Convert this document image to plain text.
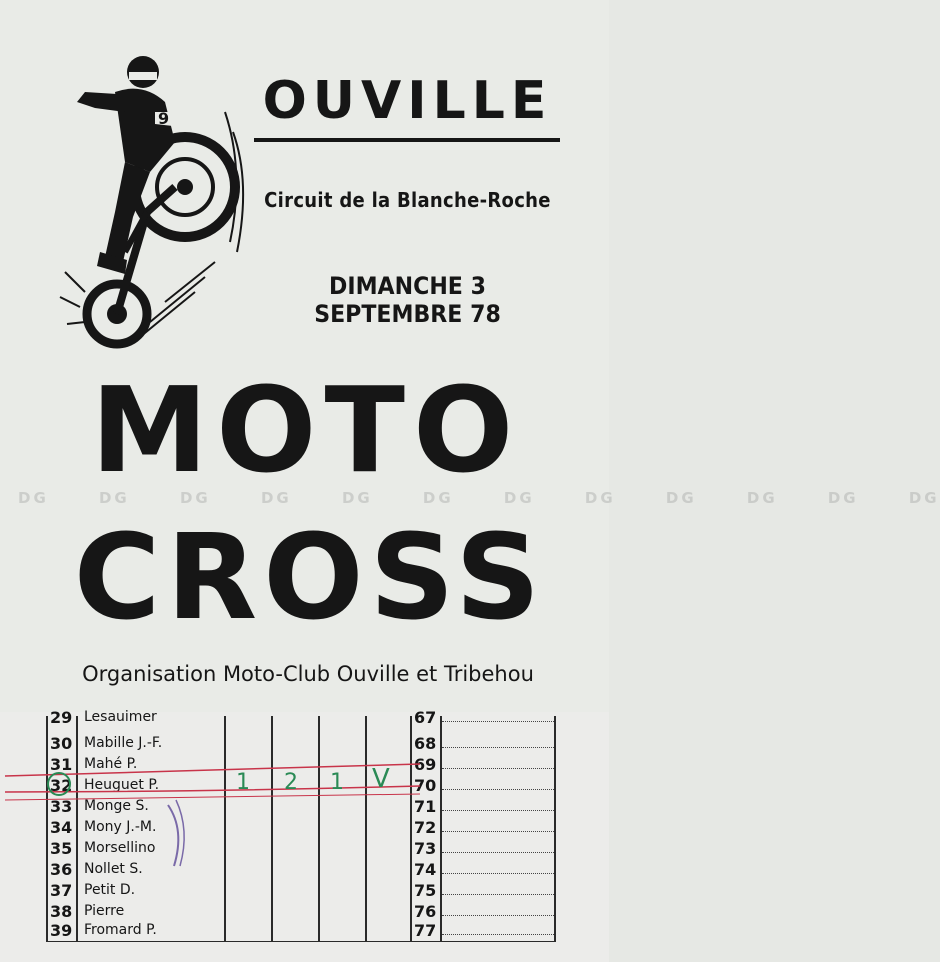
9 OUVILLE
Circuit de la Blanche-Roche
DIMANCHE 3 SEPTEMBRE 78
DG DG DG DG DG DG DG DG DG DG DG DG
MOTO
CROSS
Organisation Moto-Club Ouville et Tribehou
29 Lesauimer	67
30 Mabille J.-F.	68
31 Mahé P.	69
32 Heuguet P.	70
33 Monge S.	71
34 Mony J.-M.	72
35 Morsellino	73
36 Nollet S.	74
37 Petit D.	75
38 Pierre	76
39 Fromard P.	77
1 2 1 V
